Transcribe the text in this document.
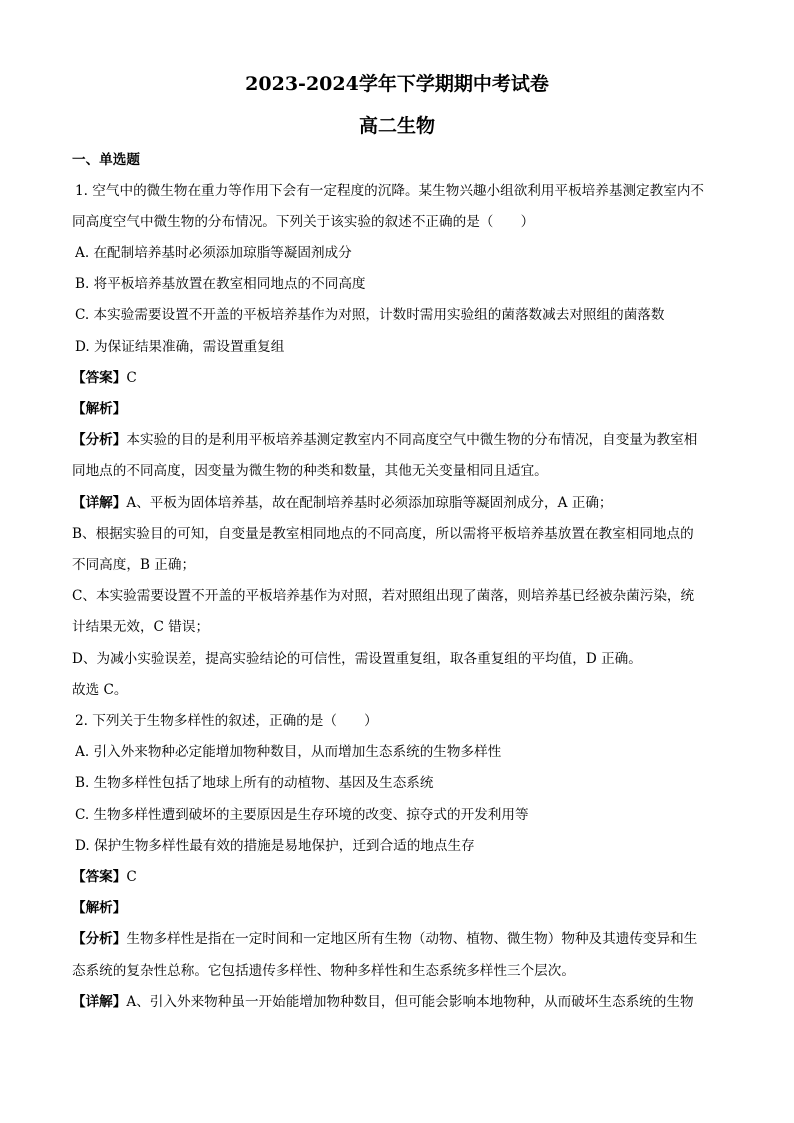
2023-2024学年下学期期中考试卷
高二生物
一、单选题
1. 空气中的微生物在重力等作用下会有一定程度的沉降。某生物兴趣小组欲利用平板培养基测定教室内不
同高度空气中微生物的分布情况。下列关于该实验的叙述不正确的是（　　）
A. 在配制培养基时必须添加琼脂等凝固剂成分
B. 将平板培养基放置在教室相同地点的不同高度
C. 本实验需要设置不开盖的平板培养基作为对照，计数时需用实验组的菌落数减去对照组的菌落数
D. 为保证结果准确，需设置重复组
【答案】C
【解析】
【分析】本实验的目的是利用平板培养基测定教室内不同高度空气中微生物的分布情况，自变量为教室相
同地点的不同高度，因变量为微生物的种类和数量，其他无关变量相同且适宜。
【详解】A、平板为固体培养基，故在配制培养基时必须添加琼脂等凝固剂成分，A 正确；
B、根据实验目的可知，自变量是教室相同地点的不同高度，所以需将平板培养基放置在教室相同地点的
不同高度，B 正确；
C、本实验需要设置不开盖的平板培养基作为对照，若对照组出现了菌落，则培养基已经被杂菌污染，统
计结果无效，C 错误；
D、为减小实验误差，提高实验结论的可信性，需设置重复组，取各重复组的平均值，D 正确。
故选 C。
2. 下列关于生物多样性的叙述，正确的是（　　）
A. 引入外来物种必定能增加物种数目，从而增加生态系统的生物多样性
B. 生物多样性包括了地球上所有的动植物、基因及生态系统
C. 生物多样性遭到破坏的主要原因是生存环境的改变、掠夺式的开发利用等
D. 保护生物多样性最有效的措施是易地保护，迁到合适的地点生存
【答案】C
【解析】
【分析】生物多样性是指在一定时间和一定地区所有生物（动物、植物、微生物）物种及其遗传变异和生
态系统的复杂性总称。它包括遗传多样性、物种多样性和生态系统多样性三个层次。
【详解】A、引入外来物种虽一开始能增加物种数目，但可能会影响本地物种，从而破坏生态系统的生物
